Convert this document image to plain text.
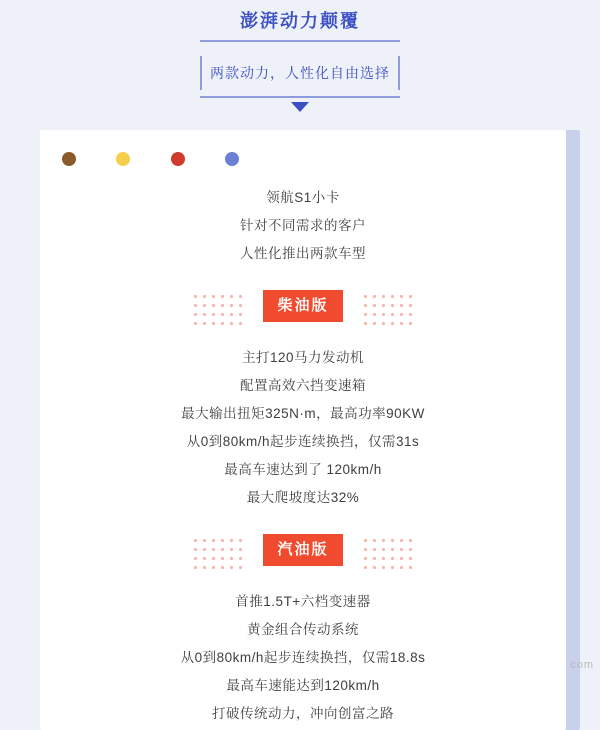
澎湃动力颠覆
两款动力，人性化自由选择

领航S1小卡
针对不同需求的客户
人性化推出两款车型
柴油版
主打120马力发动机
配置高效六挡变速箱
最大输出扭矩325N·m，最高功率90KW
从0到80km/h起步连续换挡，仅需31s
最高车速达到了 120km/h
最大爬坡度达32%
汽油版
首推1.5T+六档变速器
黄金组合传动系统
从0到80km/h起步连续换挡，仅需18.8s
最高车速能达到120km/h
打破传统动力，冲向创富之路
com
